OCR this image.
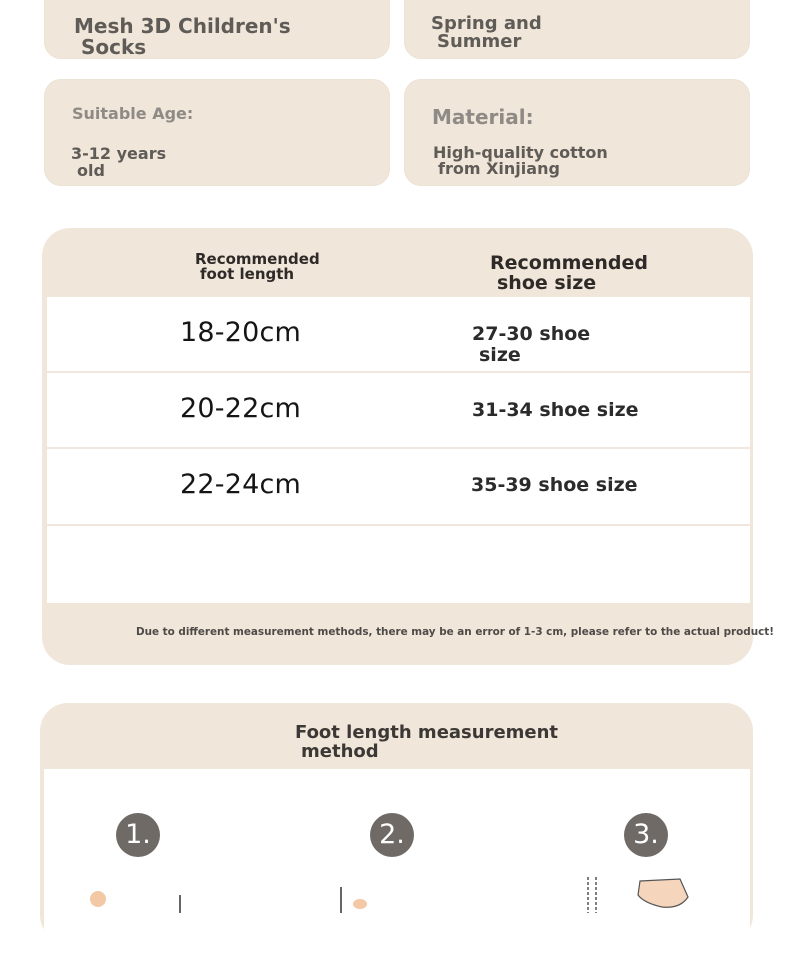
Mesh 3D Children's
Socks
Spring and
Summer
Suitable Age:
3-12 years
old
Material:
High-quality cotton
from Xinjiang
Recommended
foot length	Recommended
shoe size
18-20cm	27-30 shoe
size
20-22cm	31-34 shoe size
22-24cm	35-39 shoe size
Due to different measurement methods, there may be an error of 1-3 cm, please refer to the actual product!
Foot length measurement
method
1.	2.	3.
